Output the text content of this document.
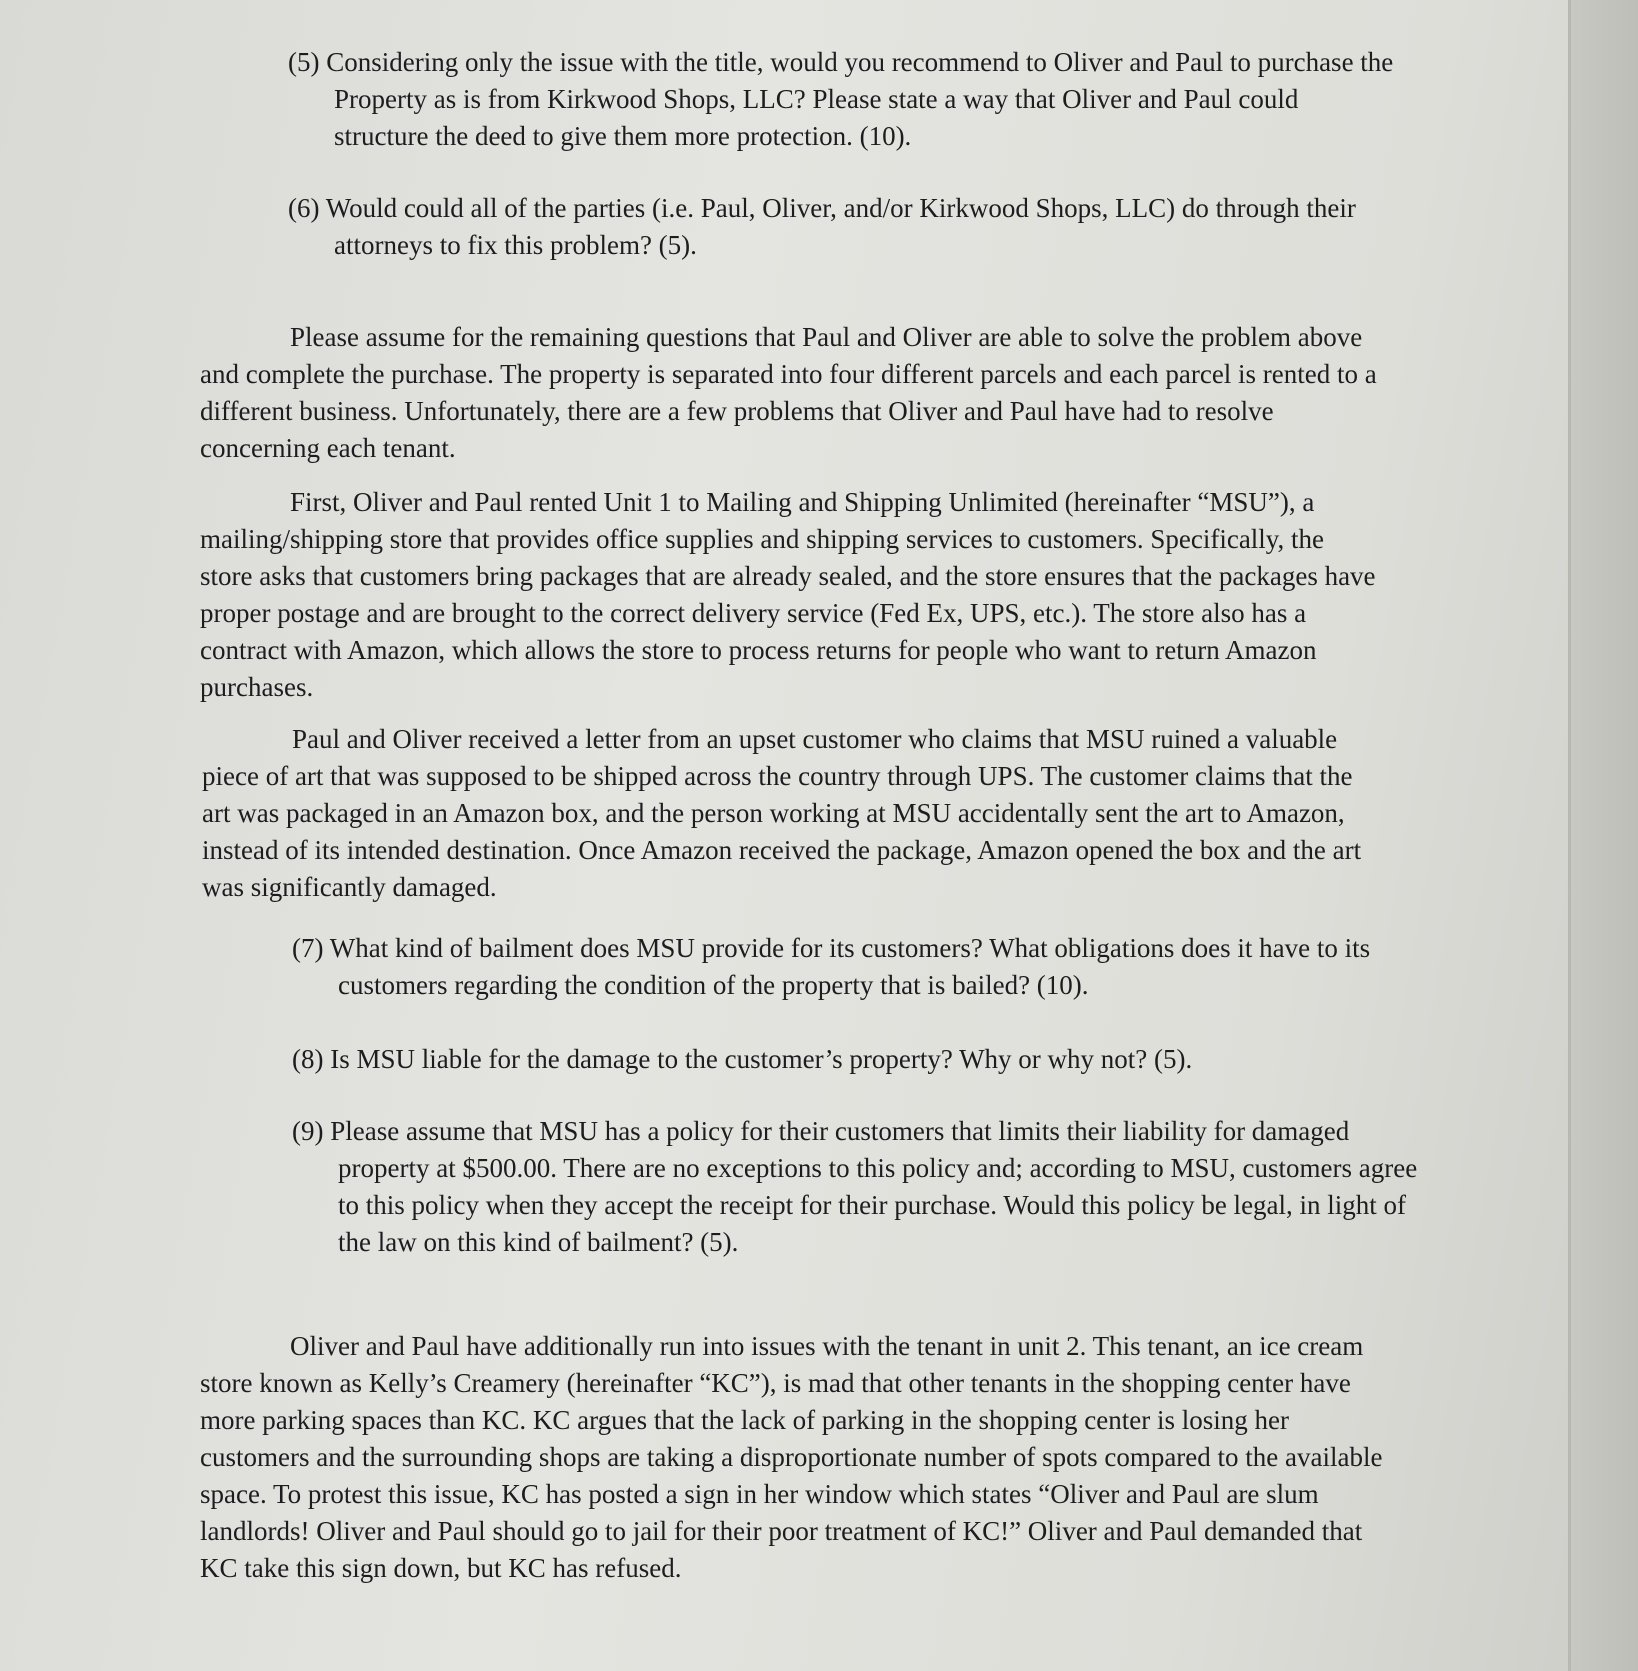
(5) Considering only the issue with the title, would you recommend to Oliver and Paul to purchase the Property as is from Kirkwood Shops, LLC? Please state a way that Oliver and Paul could structure the deed to give them more protection. (10).
(6) Would could all of the parties (i.e. Paul, Oliver, and/or Kirkwood Shops, LLC) do through their attorneys to fix this problem? (5).
Please assume for the remaining questions that Paul and Oliver are able to solve the problem above and complete the purchase. The property is separated into four different parcels and each parcel is rented to a different business. Unfortunately, there are a few problems that Oliver and Paul have had to resolve concerning each tenant.
First, Oliver and Paul rented Unit 1 to Mailing and Shipping Unlimited (hereinafter “MSU”), a mailing/shipping store that provides office supplies and shipping services to customers. Specifically, the store asks that customers bring packages that are already sealed, and the store ensures that the packages have proper postage and are brought to the correct delivery service (Fed Ex, UPS, etc.). The store also has a contract with Amazon, which allows the store to process returns for people who want to return Amazon purchases.
Paul and Oliver received a letter from an upset customer who claims that MSU ruined a valuable piece of art that was supposed to be shipped across the country through UPS. The customer claims that the art was packaged in an Amazon box, and the person working at MSU accidentally sent the art to Amazon, instead of its intended destination. Once Amazon received the package, Amazon opened the box and the art was significantly damaged.
(7) What kind of bailment does MSU provide for its customers? What obligations does it have to its customers regarding the condition of the property that is bailed? (10).
(8) Is MSU liable for the damage to the customer’s property? Why or why not? (5).
(9) Please assume that MSU has a policy for their customers that limits their liability for damaged property at $500.00. There are no exceptions to this policy and; according to MSU, customers agree to this policy when they accept the receipt for their purchase. Would this policy be legal, in light of the law on this kind of bailment? (5).
Oliver and Paul have additionally run into issues with the tenant in unit 2. This tenant, an ice cream store known as Kelly’s Creamery (hereinafter “KC”), is mad that other tenants in the shopping center have more parking spaces than KC. KC argues that the lack of parking in the shopping center is losing her customers and the surrounding shops are taking a disproportionate number of spots compared to the available space. To protest this issue, KC has posted a sign in her window which states “Oliver and Paul are slum landlords! Oliver and Paul should go to jail for their poor treatment of KC!” Oliver and Paul demanded that KC take this sign down, but KC has refused.
